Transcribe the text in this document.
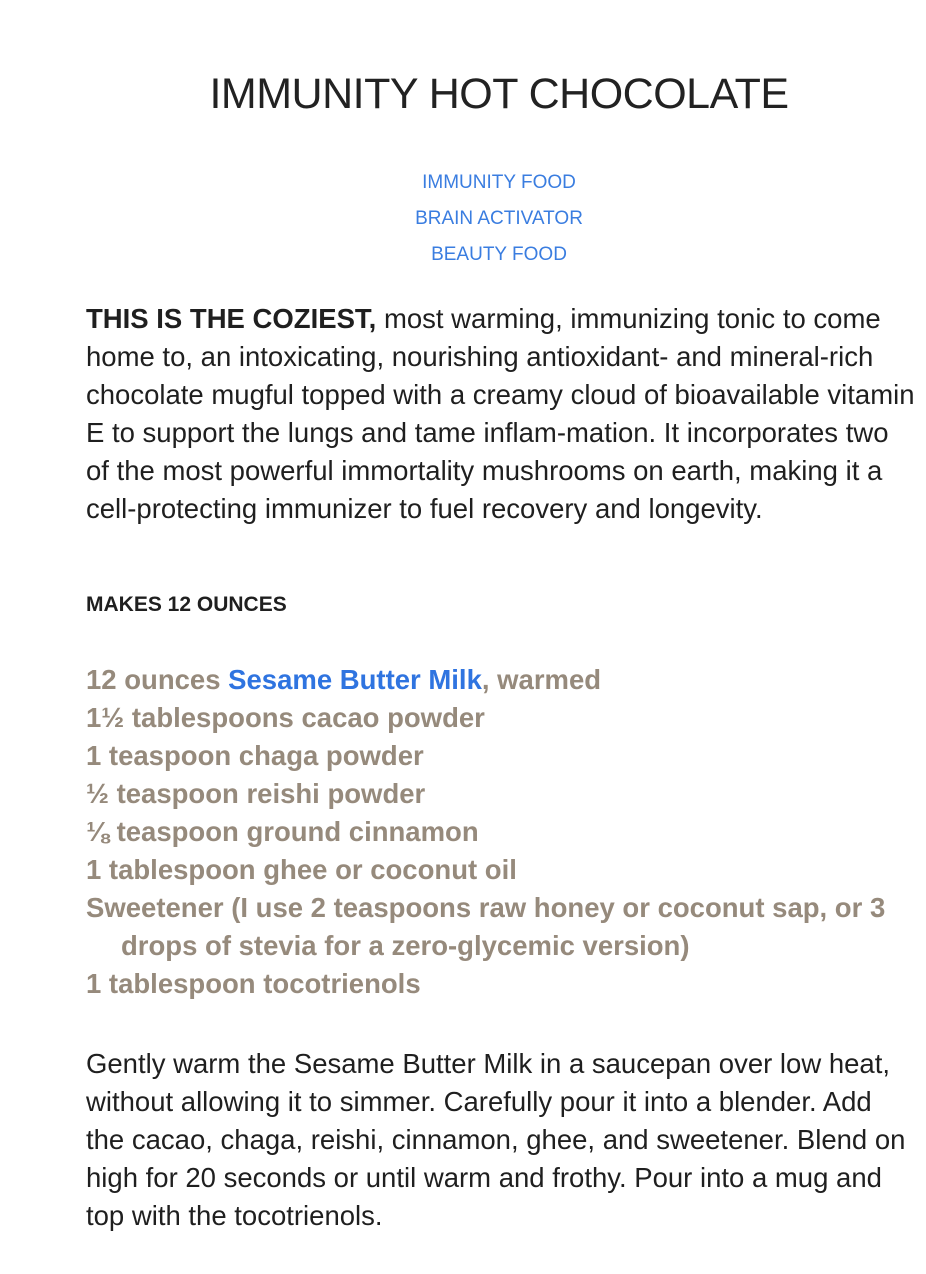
IMMUNITY HOT CHOCOLATE
IMMUNITY FOOD
BRAIN ACTIVATOR
BEAUTY FOOD

THIS IS THE COZIEST, most warming, immunizing tonic to come home to, an intoxicating, nourishing antioxidant- and mineral-rich chocolate mugful topped with a creamy cloud of bioavailable vitamin E to support the lungs and tame inflam-mation. It incorporates two of the most powerful immortality mushrooms on earth, making it a cell-protecting immunizer to fuel recovery and longevity.

MAKES 12 OUNCES

12 ounces Sesame Butter Milk, warmed
1½ tablespoons cacao powder
1 teaspoon chaga powder
½ teaspoon reishi powder
⅛ teaspoon ground cinnamon
1 tablespoon ghee or coconut oil
Sweetener (I use 2 teaspoons raw honey or coconut sap, or 3 drops of stevia for a zero-glycemic version)
1 tablespoon tocotrienols

Gently warm the Sesame Butter Milk in a saucepan over low heat, without allowing it to simmer. Carefully pour it into a blender. Add the cacao, chaga, reishi, cinnamon, ghee, and sweetener. Blend on high for 20 seconds or until warm and frothy. Pour into a mug and top with the tocotrienols.
